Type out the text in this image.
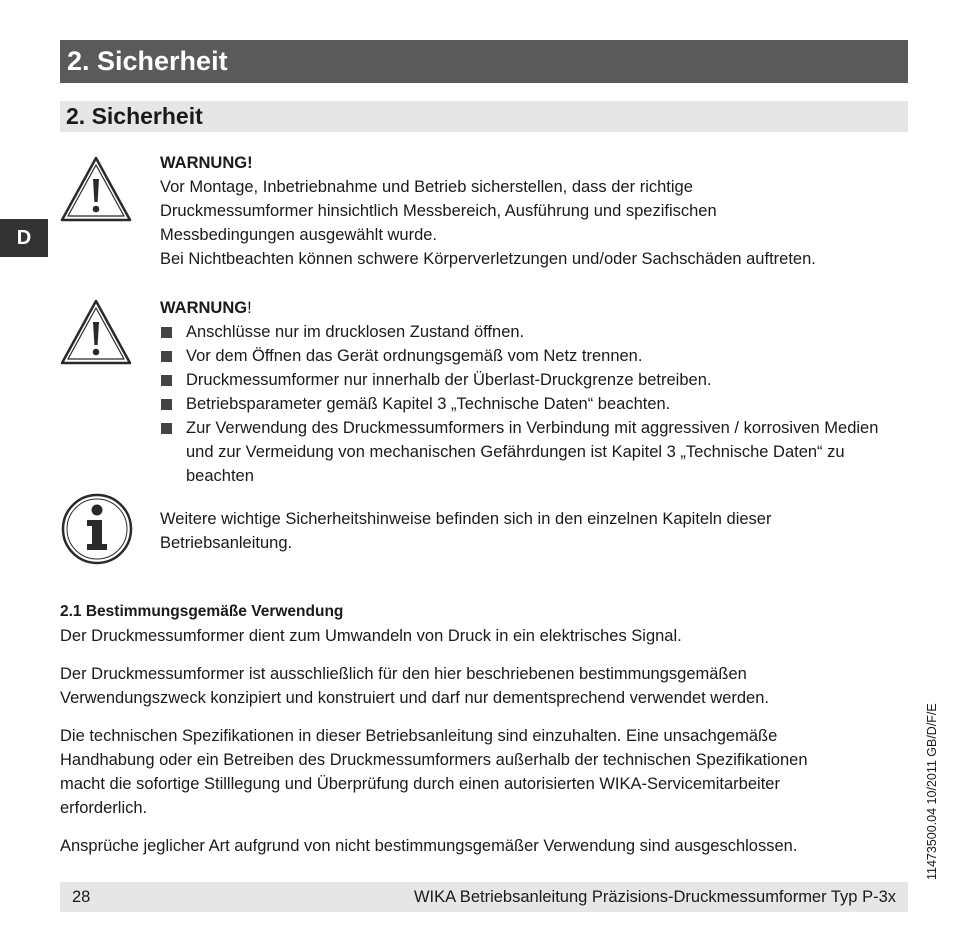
2. Sicherheit
2. Sicherheit
D

WARNUNG!

Vor Montage, Inbetriebnahme und Betrieb sicherstellen, dass der richtige

Druckmessumformer hinsichtlich Messbereich, Ausführung und spezifischen

Messbedingungen ausgewählt wurde.

Bei Nichtbeachten können schwere Körperverletzungen und/oder Sachschäden auftreten.

WARNUNG!

Anschlüsse nur im drucklosen Zustand öffnen.
Vor dem Öffnen das Gerät ordnungsgemäß vom Netz trennen.
Druckmessumformer nur innerhalb der Überlast-Druckgrenze betreiben.
Betriebsparameter gemäß Kapitel 3 „Technische Daten“ beachten.
Zur Verwendung des Druckmessumformers in Verbindung mit aggressiven / korrosiven Medien und zur Vermeidung von mechanischen Gefährdungen ist Kapitel 3 „Technische Daten“ zu beachten

Weitere wichtige Sicherheitshinweise befinden sich in den einzelnen Kapiteln dieser

Betriebsanleitung.

2.1 Bestimmungsgemäße Verwendung

Der Druckmessumformer dient zum Umwandeln von Druck in ein elektrisches Signal.

Der Druckmessumformer ist ausschließlich für den hier beschriebenen bestimmungsgemäßen

Verwendungszweck konzipiert und konstruiert und darf nur dementsprechend verwendet werden.

Die technischen Spezifikationen in dieser Betriebsanleitung sind einzuhalten. Eine unsachgemäße

Handhabung oder ein Betreiben des Druckmessumformers außerhalb der technischen Spezifikationen

macht die sofortige Stilllegung und Überprüfung durch einen autorisierten WIKA-Servicemitarbeiter

erforderlich.

Ansprüche jeglicher Art aufgrund von nicht bestimmungsgemäßer Verwendung sind ausgeschlossen.

28	WIKA Betriebsanleitung Präzisions-Druckmessumformer Typ P-3x
11473500.04 10/2011 GB/D/F/E
